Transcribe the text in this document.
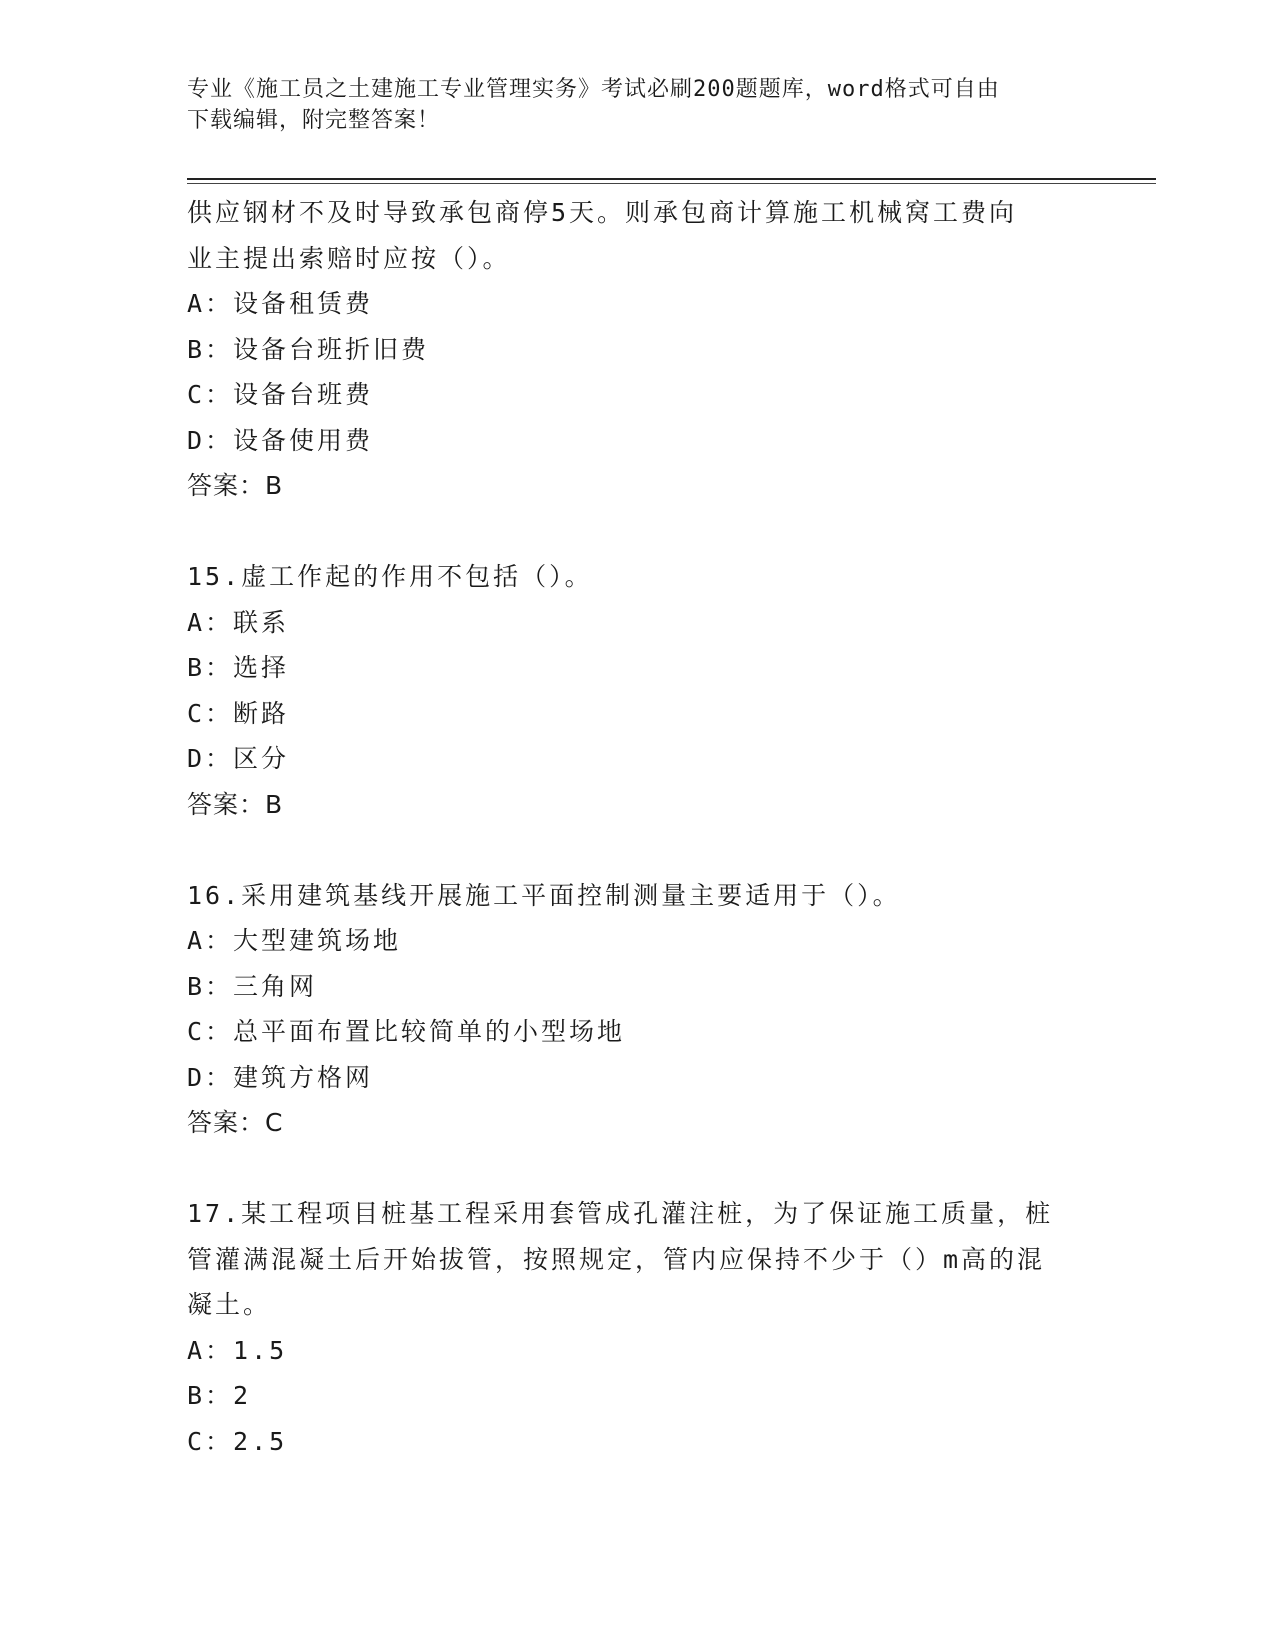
专业《施工员之土建施工专业管理实务》考试必刷200题题库，word格式可自由
下载编辑，附完整答案！
供应钢材不及时导致承包商停5天。则承包商计算施工机械窝工费向
业主提出索赔时应按（）。
A：设备租赁费
B：设备台班折旧费
C：设备台班费
D：设备使用费
答案：B
15.虚工作起的作用不包括（）。
A：联系
B：选择
C：断路
D：区分
答案：B
16.采用建筑基线开展施工平面控制测量主要适用于（）。
A：大型建筑场地
B：三角网
C：总平面布置比较简单的小型场地
D：建筑方格网
答案：C
17.某工程项目桩基工程采用套管成孔灌注桩，为了保证施工质量，桩
管灌满混凝土后开始拔管，按照规定，管内应保持不少于（）m高的混
凝土。
A：1.5
B：2
C：2.5
